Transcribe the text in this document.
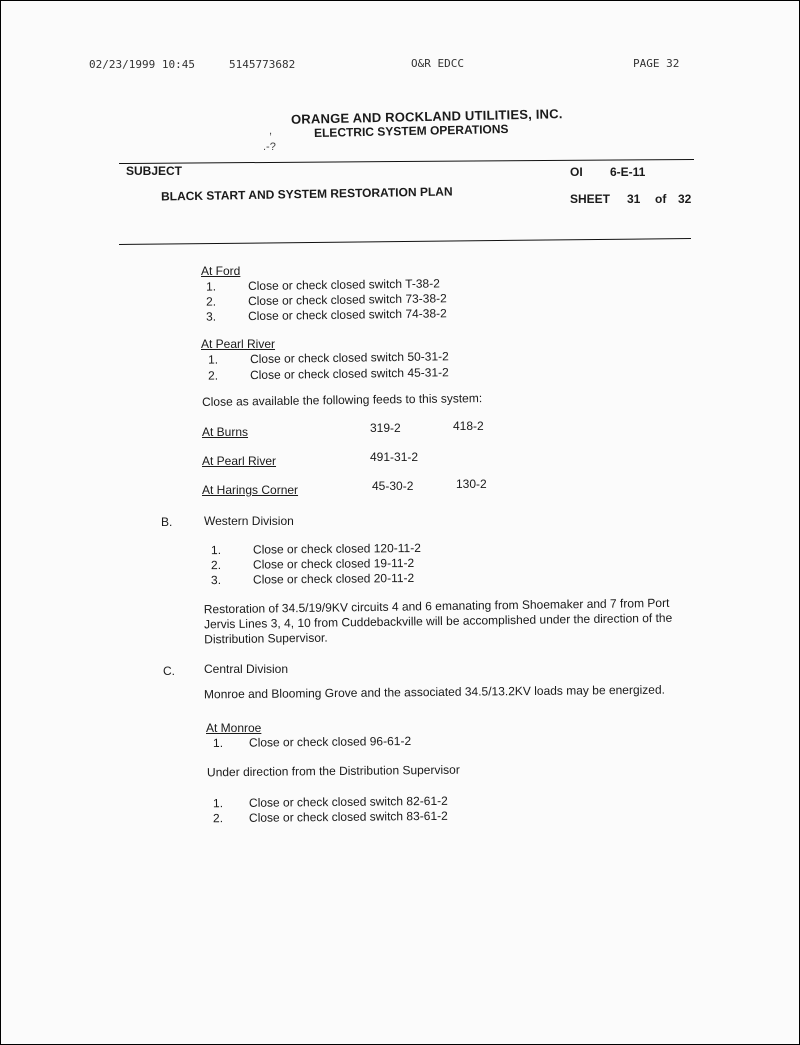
02/23/1999 10:45	5145773682	O&R EDCC	PAGE 32
ORANGE AND ROCKLAND UTILITIES, INC.
ELECTRIC SYSTEM OPERATIONS
,
.-?
SUBJECT	OI 6-E-11
BLACK START AND SYSTEM RESTORATION PLAN	SHEET 31 of 32
At Ford
1.	Close or check closed switch T-38-2
2.	Close or check closed switch 73-38-2
3.	Close or check closed switch 74-38-2
At Pearl River
1.	Close or check closed switch 50-31-2
2.	Close or check closed switch 45-31-2
Close as available the following feeds to this system:
At Burns	319-2	418-2
At Pearl River	491-31-2
At Harings Corner	45-30-2	130-2
B.	Western Division
1.	Close or check closed 120-11-2
2.	Close or check closed 19-11-2
3.	Close or check closed 20-11-2
Restoration of 34.5/19/9KV circuits 4 and 6 emanating from Shoemaker and 7 from Port Jervis Lines 3, 4, 10 from Cuddebackville will be accomplished under the direction of the Distribution Supervisor.
C. Central Division
Monroe and Blooming Grove and the associated 34.5/13.2KV loads may be energized.
At Monroe
1. Close or check closed 96-61-2
Under direction from the Distribution Supervisor
1. Close or check closed switch 82-61-2
2. Close or check closed switch 83-61-2
